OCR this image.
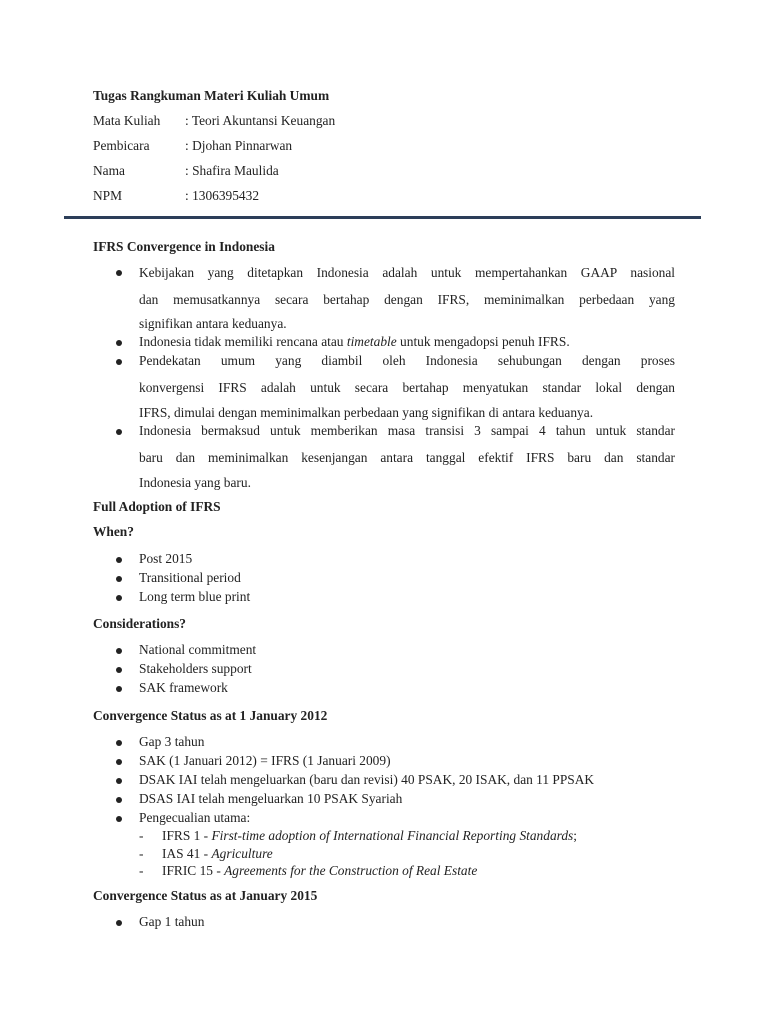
Tugas Rangkuman Materi Kuliah Umum
Mata Kuliah : Teori Akuntansi Keuangan
Pembicara	: Djohan Pinnarwan
Nama	: Shafira Maulida
NPM	: 1306395432
IFRS Convergence in Indonesia
Kebijakan yang ditetapkan Indonesia adalah untuk mempertahankan GAAP nasional
dan memusatkannya secara bertahap dengan IFRS, meminimalkan perbedaan yang
signifikan antara keduanya.
Indonesia tidak memiliki rencana atau timetable untuk mengadopsi penuh IFRS.
Pendekatan umum yang diambil oleh Indonesia sehubungan dengan proses
konvergensi IFRS adalah untuk secara bertahap menyatukan standar lokal dengan
IFRS, dimulai dengan meminimalkan perbedaan yang signifikan di antara keduanya.
Indonesia bermaksud untuk memberikan masa transisi 3 sampai 4 tahun untuk standar
baru dan meminimalkan kesenjangan antara tanggal efektif IFRS baru dan standar
Indonesia yang baru.
Full Adoption of IFRS
When?
Post 2015
Transitional period
Long term blue print
Considerations?
National commitment
Stakeholders support
SAK framework
Convergence Status as at 1 January 2012
Gap 3 tahun
SAK (1 Januari 2012) = IFRS (1 Januari 2009)
DSAK IAI telah mengeluarkan (baru dan revisi) 40 PSAK, 20 ISAK, dan 11 PPSAK
DSAS IAI telah mengeluarkan 10 PSAK Syariah
Pengecualian utama:
- IFRS 1 - First-time adoption of International Financial Reporting Standards;
- IAS 41 - Agriculture
- IFRIC 15 - Agreements for the Construction of Real Estate
Convergence Status as at January 2015
Gap 1 tahun
